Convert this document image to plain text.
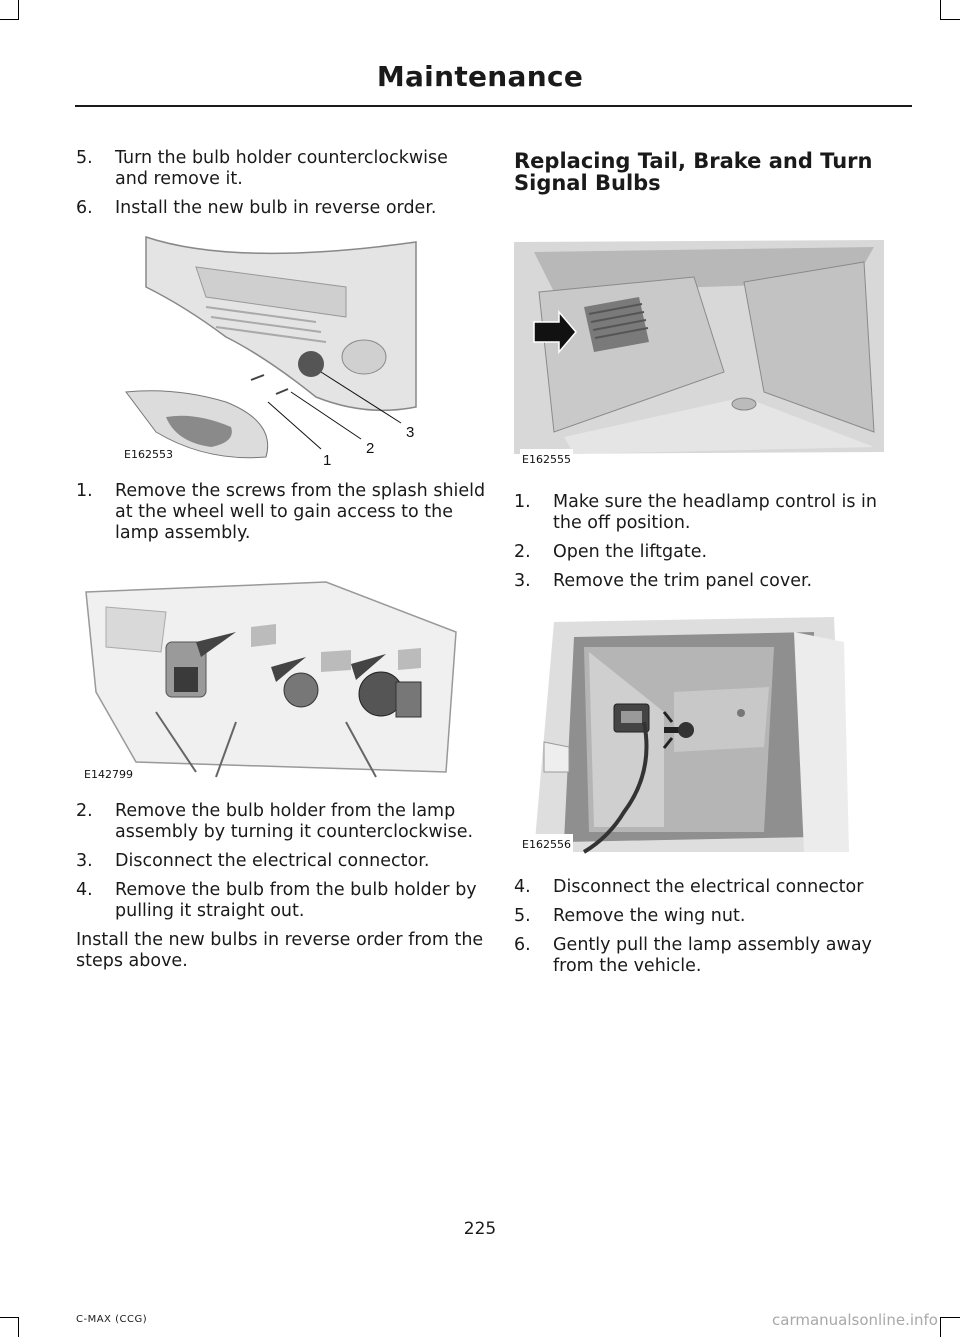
Maintenance
5.	Turn the bulb holder counterclockwise and remove it.
6.	Install the new bulb in reverse order.
1
2
3
E162553
1.	Remove the screws from the splash shield at the wheel well to gain access to the lamp assembly.
E142799
2.	Remove the bulb holder from the lamp assembly by turning it counterclockwise.
3.	Disconnect the electrical connector.
4.	Remove the bulb from the bulb holder by pulling it straight out.

Install the new bulbs in reverse order from the steps above.

Replacing Tail, Brake and Turn Signal Bulbs
E162555
1.	Make sure the headlamp control is in the off position.
2.	Open the liftgate.
3.	Remove the trim panel cover.
E162556
4.	Disconnect the electrical connector
5.	Remove the wing nut.
6.	Gently pull the lamp assembly away from the vehicle.
225
C-MAX (CCG)	carmanualsonline.info
